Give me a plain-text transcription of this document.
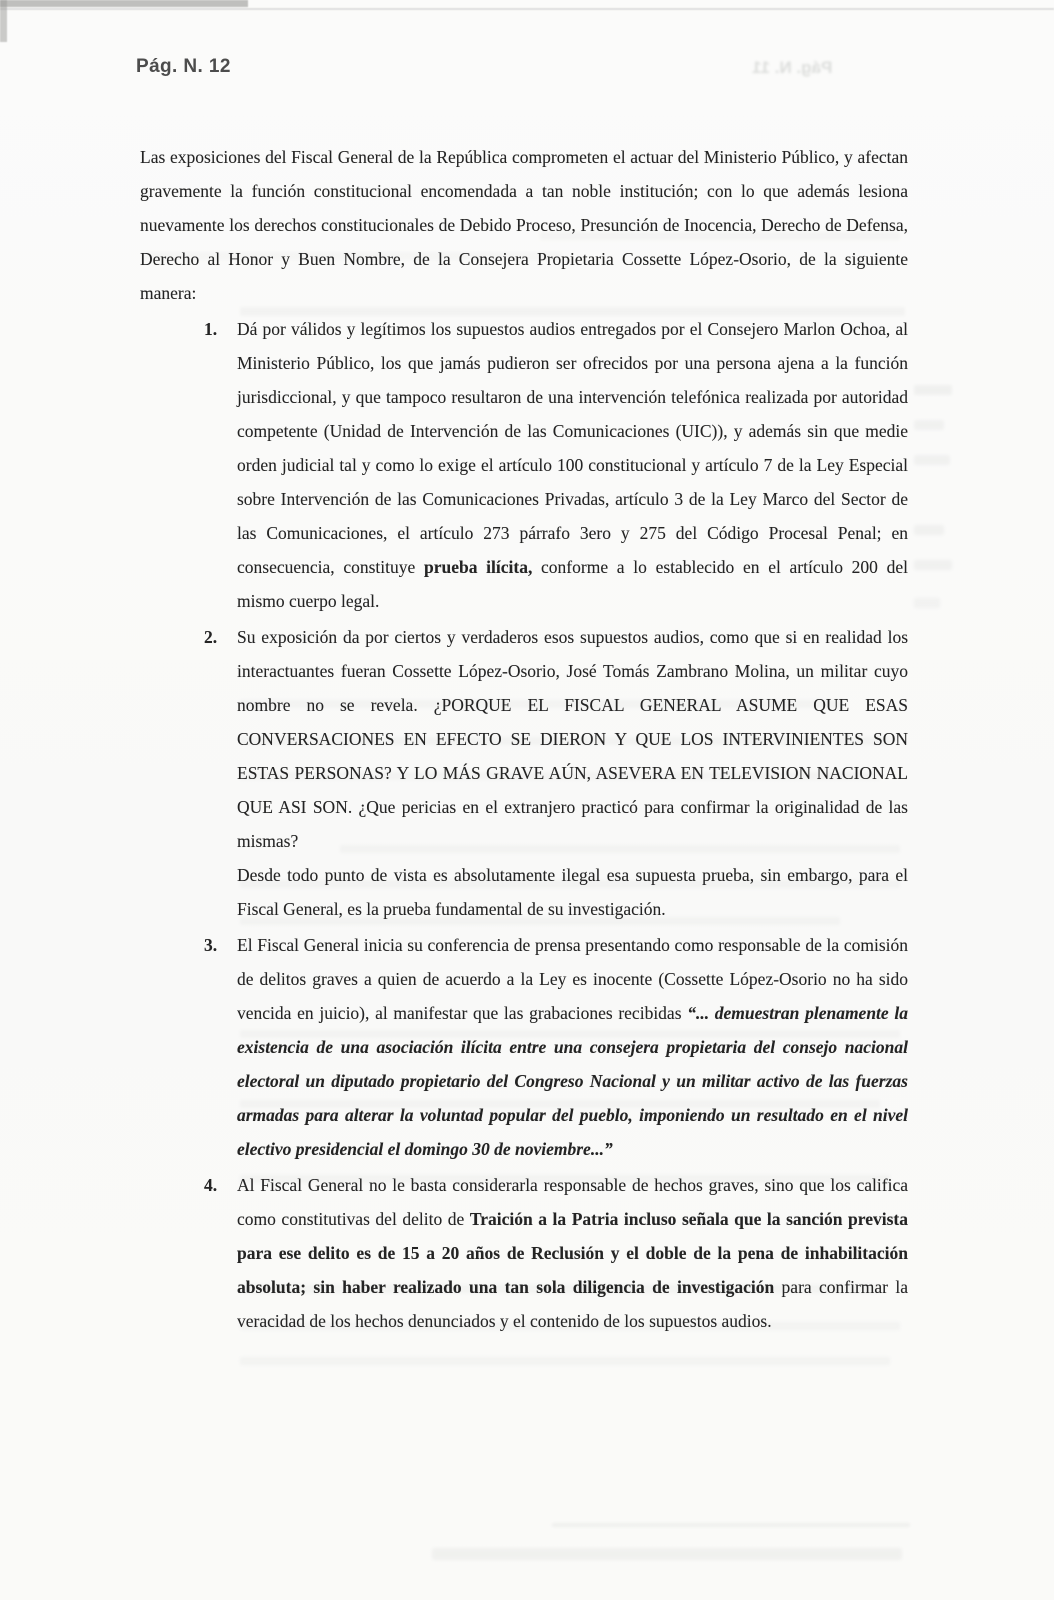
Pág. N. 12	Pág. N. 11

Las exposiciones del Fiscal General de la República comprometen el actuar del Ministerio Público, y afectan gravemente la función constitucional encomendada a tan noble institución; con lo que además lesiona nuevamente los derechos constitucionales de Debido Proceso, Presunción de Inocencia, Derecho de Defensa, Derecho al Honor y Buen Nombre, de la Consejera Propietaria Cossette López-Osorio, de la siguiente manera:

1. Dá por válidos y legítimos los supuestos audios entregados por el Consejero Marlon Ochoa, al Ministerio Público, los que jamás pudieron ser ofrecidos por una persona ajena a la función jurisdiccional, y que tampoco resultaron de una intervención telefónica realizada por autoridad competente (Unidad de Intervención de las Comunicaciones (UIC)), y además sin que medie orden judicial tal y como lo exige el artículo 100 constitucional y artículo 7 de la Ley Especial sobre Intervención de las Comunicaciones Privadas, artículo 3 de la Ley Marco del Sector de las Comunicaciones, el artículo 273 párrafo 3ero y 275 del Código Procesal Penal; en consecuencia, constituye prueba ilícita, conforme a lo establecido en el artículo 200 del mismo cuerpo legal.
2. Su exposición da por ciertos y verdaderos esos supuestos audios, como que si en realidad los interactuantes fueran Cossette López-Osorio, José Tomás Zambrano Molina, un militar cuyo nombre no se revela. ¿PORQUE EL FISCAL GENERAL ASUME QUE ESAS CONVERSACIONES EN EFECTO SE DIERON Y QUE LOS INTERVINIENTES SON ESTAS PERSONAS? Y LO MÁS GRAVE AÚN, ASEVERA EN TELEVISION NACIONAL QUE ASI SON. ¿Que pericias en el extranjero practicó para confirmar la originalidad de las mismas?
Desde todo punto de vista es absolutamente ilegal esa supuesta prueba, sin embargo, para el Fiscal General, es la prueba fundamental de su investigación.
3. El Fiscal General inicia su conferencia de prensa presentando como responsable de la comisión de delitos graves a quien de acuerdo a la Ley es inocente (Cossette López-Osorio no ha sido vencida en juicio), al manifestar que las grabaciones recibidas “... demuestran plenamente la existencia de una asociación ilícita entre una consejera propietaria del consejo nacional electoral un diputado propietario del Congreso Nacional y un militar activo de las fuerzas armadas para alterar la voluntad popular del pueblo, imponiendo un resultado en el nivel electivo presidencial el domingo 30 de noviembre...”
4. Al Fiscal General no le basta considerarla responsable de hechos graves, sino que los califica como constitutivas del delito de Traición a la Patria incluso señala que la sanción prevista para ese delito es de 15 a 20 años de Reclusión y el doble de la pena de inhabilitación absoluta; sin haber realizado una tan sola diligencia de investigación para confirmar la veracidad de los hechos denunciados y el contenido de los supuestos audios.
